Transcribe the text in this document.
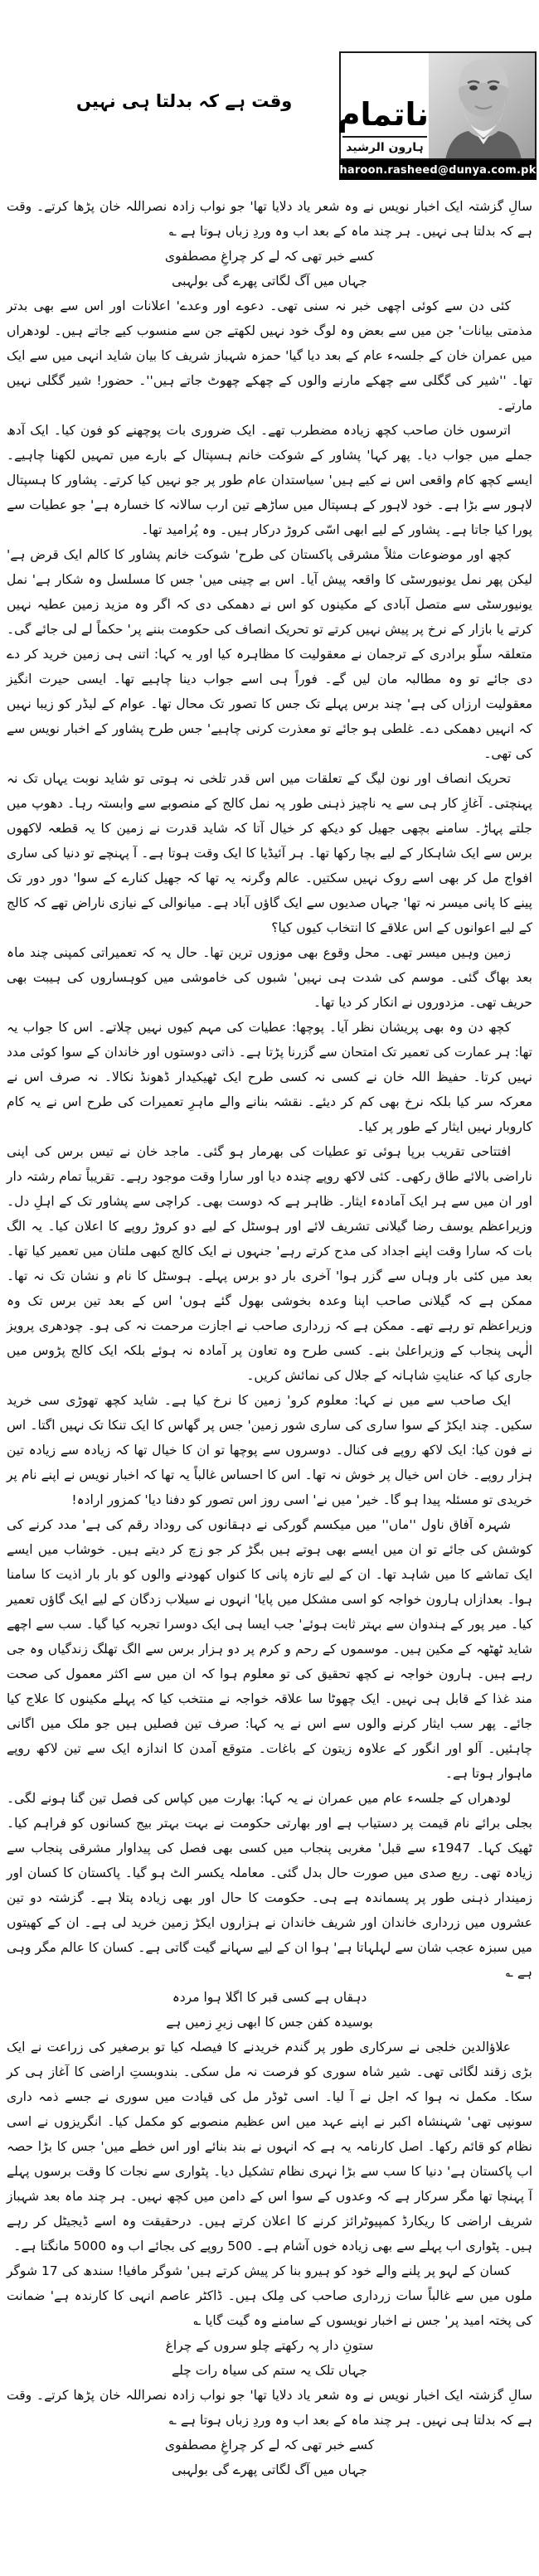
وقت ہے کہ بدلتا ہی نہیں ناتمام
ہارون الرشید
haroon.rasheed@dunya.com.pk

سالِ گزشتہ ایک اخبار نویس نے وہ شعر یاد دلایا تھا' جو نواب زادہ نصراللہ خان پڑھا کرتے۔ وقت ہے کہ بدلتا ہی نہیں۔ ہر چند ماہ کے بعد اب وہ وردِ زباں ہوتا ہے ؎

کسے خبر تھی کہ لے کر چراغِ مصطفوی
جہاں میں آگ لگاتی پھرے گی بولہبی

کئی دن سے کوئی اچھی خبر نہ سنی تھی۔ دعوے اور وعدے' اعلانات اور اس سے بھی بدتر مذمتی بیانات' جن میں سے بعض وہ لوگ خود نہیں لکھتے جن سے منسوب کیے جاتے ہیں۔ لودھراں میں عمران خان کے جلسہء عام کے بعد دیا گیا' حمزہ شہباز شریف کا بیان شاید انہی میں سے ایک تھا۔ ''شیر کی گگلی سے چھکے مارنے والوں کے چھکے چھوٹ جاتے ہیں''۔ حضور! شیر گگلی نہیں مارتے۔

اترسوں خان صاحب کچھ زیادہ مضطرب تھے۔ ایک ضروری بات پوچھنے کو فون کیا۔ ایک آدھ جملے میں جواب دیا۔ پھر کہا' پشاور کے شوکت خانم ہسپتال کے بارے میں تمہیں لکھنا چاہیے۔ ایسے کچھ کام واقعی اس نے کیے ہیں' سیاستدان عام طور پر جو نہیں کیا کرتے۔ پشاور کا ہسپتال لاہور سے بڑا ہے۔ خود لاہور کے ہسپتال میں ساڑھے تین ارب سالانہ کا خسارہ ہے' جو عطیات سے پورا کیا جاتا ہے۔ پشاور کے لیے ابھی اسّی کروڑ درکار ہیں۔ وہ پُرامید تھا۔

کچھ اور موضوعات مثلاً مشرقی پاکستان کی طرح' شوکت خانم پشاور کا کالم ایک قرض ہے' لیکن پھر نمل یونیورسٹی کا واقعہ پیش آیا۔ اس بے چینی میں' جس کا مسلسل وہ شکار ہے' نمل یونیورسٹی سے متصل آبادی کے مکینوں کو اس نے دھمکی دی کہ اگر وہ مزید زمین عطیہ نہیں کرتے یا بازار کے نرخ پر پیش نہیں کرتے تو تحریک انصاف کی حکومت بننے پر' حکماً لے لی جائے گی۔ متعلقہ سلّو برادری کے ترجمان نے معقولیت کا مظاہرہ کیا اور یہ کہا: اتنی ہی زمین خرید کر دے دی جائے تو وہ مطالبہ مان لیں گے۔ فوراً ہی اسے جواب دینا چاہیے تھا۔ ایسی حیرت انگیز معقولیت ارزاں کی ہے' چند برس پہلے تک جس کا تصور تک محال تھا۔ عوام کے لیڈر کو زیبا نہیں کہ انہیں دھمکی دے۔ غلطی ہو جائے تو معذرت کرنی چاہیے' جس طرح پشاور کے اخبار نویس سے کی تھی۔

تحریک انصاف اور نون لیگ کے تعلقات میں اس قدر تلخی نہ ہوتی تو شاید نوبت یہاں تک نہ پہنچتی۔ آغازِ کار ہی سے یہ ناچیز ذہنی طور پہ نمل کالج کے منصوبے سے وابستہ رہا۔ دھوپ میں جلتے پہاڑ۔ سامنے بچھی جھیل کو دیکھ کر خیال آتا کہ شاید قدرت نے زمین کا یہ قطعہ لاکھوں برس سے ایک شاہکار کے لیے بچا رکھا تھا۔ ہر آئیڈیا کا ایک وقت ہوتا ہے۔ آ پہنچے تو دنیا کی ساری افواج مل کر بھی اسے روک نہیں سکتیں۔ عالم وگرنہ یہ تھا کہ جھیل کنارے کے سوا' دور دور تک پینے کا پانی میسر نہ تھا' جہاں صدیوں سے ایک گاؤں آباد ہے۔ میانوالی کے نیازی ناراض تھے کہ کالج کے لیے اعوانوں کے اس علاقے کا انتخاب کیوں کیا؟

زمین وہیں میسر تھی۔ محل وقوع بھی موزوں ترین تھا۔ حال یہ کہ تعمیراتی کمپنی چند ماہ بعد بھاگ گئی۔ موسم کی شدت ہی نہیں' شبوں کی خاموشی میں کوہساروں کی ہیبت بھی حریف تھی۔ مزدوروں نے انکار کر دیا تھا۔

کچھ دن وہ بھی پریشان نظر آیا۔ پوچھا: عطیات کی مہم کیوں نہیں چلاتے۔ اس کا جواب یہ تھا: ہر عمارت کی تعمیر تک امتحان سے گزرنا پڑتا ہے۔ ذاتی دوستوں اور خاندان کے سوا کوئی مدد نہیں کرتا۔ حفیظ اللہ خان نے کسی نہ کسی طرح ایک ٹھیکیدار ڈھونڈ نکالا۔ نہ صرف اس نے معرکہ سر کیا بلکہ نرخ بھی کم کر دیئے۔ نقشہ بنانے والے ماہرِ تعمیرات کی طرح اس نے یہ کام کاروبار نہیں ایثار کے طور پر کیا۔

افتتاحی تقریب برپا ہوئی تو عطیات کی بھرمار ہو گئی۔ ماجد خان نے تیس برس کی اپنی ناراضی بالائے طاق رکھی۔ کئی لاکھ روپے چندہ دیا اور سارا وقت موجود رہے۔ تقریباً تمام رشتہ دار اور ان میں سے ہر ایک آمادہء ایثار۔ ظاہر ہے کہ دوست بھی۔ کراچی سے پشاور تک کے اہلِ دل۔ وزیراعظم یوسف رضا گیلانی تشریف لائے اور ہوسٹل کے لیے دو کروڑ روپے کا اعلان کیا۔ یہ الگ بات کہ سارا وقت اپنے اجداد کی مدح کرتے رہے' جنہوں نے ایک کالج کبھی ملتان میں تعمیر کیا تھا۔ بعد میں کئی بار وہاں سے گزر ہوا' آخری بار دو برس پہلے۔ ہوسٹل کا نام و نشان تک نہ تھا۔ ممکن ہے کہ گیلانی صاحب اپنا وعدہ بخوشی بھول گئے ہوں' اس کے بعد تین برس تک وہ وزیراعظم تو رہے تھے۔ ممکن ہے کہ زرداری صاحب نے اجازت مرحمت نہ کی ہو۔ چودھری پرویز الٰہی پنجاب کے وزیراعلیٰ بنے۔ کسی طرح وہ تعاون پر آمادہ نہ ہوئے بلکہ ایک کالج پڑوس میں جاری کیا کہ عنایتِ شاہانہ کے جلال کی نمائش کریں۔

ایک صاحب سے میں نے کہا: معلوم کرو' زمین کا نرخ کیا ہے۔ شاید کچھ تھوڑی سی خرید سکیں۔ چند ایکڑ کے سوا ساری کی ساری شور زمین' جس پر گھاس کا ایک تنکا تک نہیں اگتا۔ اس نے فون کیا: ایک لاکھ روپے فی کنال۔ دوسروں سے پوچھا تو ان کا خیال تھا کہ زیادہ سے زیادہ تین ہزار روپے۔ خان اس خیال پر خوش نہ تھا۔ اس کا احساس غالباً یہ تھا کہ اخبار نویس نے اپنے نام پر خریدی تو مسئلہ پیدا ہو گا۔ خیر' میں نے' اسی روز اس تصور کو دفنا دیا' کمزور ارادہ!

شہرہ آفاق ناول ''ماں'' میں میکسم گورکی نے دہقانوں کی روداد رقم کی ہے' مدد کرنے کی کوشش کی جائے تو ان میں ایسے بھی ہوتے ہیں بگڑ کر جو زچ کر دیتے ہیں۔ خوشاب میں ایسے ایک تماشے کا میں شاہد تھا۔ ان کے لیے تازہ پانی کا کنواں کھودنے والوں کو بار بار اذیت کا سامنا ہوا۔ بعدازاں ہارون خواجہ کو اسی مشکل میں پایا' انہوں نے سیلاب زدگان کے لیے ایک گاؤں تعمیر کیا۔ میر پور کے ہندوان سے بہتر ثابت ہوئے' جب ایسا ہی ایک دوسرا تجربہ کیا گیا۔ سب سے اچھے شاید ٹھٹھہ کے مکین ہیں۔ موسموں کے رحم و کرم پر دو ہزار برس سے الگ تھلگ زندگیاں وہ جی رہے ہیں۔ ہارون خواجہ نے کچھ تحقیق کی تو معلوم ہوا کہ ان میں سے اکثر معمول کی صحت مند غذا کے قابل ہی نہیں۔ ایک چھوٹا سا علاقہ خواجہ نے منتخب کیا کہ پہلے مکینوں کا علاج کیا جائے۔ پھر سب ایثار کرنے والوں سے اس نے یہ کہا: صرف تین فصلیں ہیں جو ملک میں اگانی چاہئیں۔ آلو اور انگور کے علاوہ زیتون کے باغات۔ متوقع آمدن کا اندازہ ایک سے تین لاکھ روپے ماہوار ہوتا ہے۔

لودھراں کے جلسہء عام میں عمران نے یہ کہا: بھارت میں کپاس کی فصل تین گنا ہونے لگی۔ بجلی برائے نام قیمت پر دستیاب ہے اور بھارتی حکومت نے بہت بہتر بیج کسانوں کو فراہم کیا۔ ٹھیک کہا۔ 1947ء سے قبل' مغربی پنجاب میں کسی بھی فصل کی پیداوار مشرقی پنجاب سے زیادہ تھی۔ ربع صدی میں صورت حال بدل گئی۔ معاملہ یکسر الٹ ہو گیا۔ پاکستان کا کسان اور زمیندار ذہنی طور پر پسماندہ ہے ہی۔ حکومت کا حال اور بھی زیادہ پتلا ہے۔ گزشتہ دو تین عشروں میں زرداری خاندان اور شریف خاندان نے ہزاروں ایکڑ زمین خرید لی ہے۔ ان کے کھیتوں میں سبزہ عجب شان سے لہلہاتا ہے' ہوا ان کے لیے سہانے گیت گاتی ہے۔ کسان کا عالم مگر وہی ہے ؎

دہقاں ہے کسی قبر کا اگلا ہوا مردہ
بوسیدہ کفن جس کا ابھی زیرِ زمیں ہے

علاؤالدین خلجی نے سرکاری طور پر گندم خریدنے کا فیصلہ کیا تو برصغیر کی زراعت نے ایک بڑی زقند لگائی تھی۔ شیر شاہ سوری کو فرصت نہ مل سکی۔ بندوبستِ اراضی کا آغاز ہی کر سکا۔ مکمل نہ ہوا کہ اجل نے آ لیا۔ اسی ٹوڈر مل کی قیادت میں سوری نے جسے ذمہ داری سونپی تھی' شہنشاہ اکبر نے اپنے عہد میں اس عظیم منصوبے کو مکمل کیا۔ انگریزوں نے اسی نظام کو قائم رکھا۔ اصل کارنامہ یہ ہے کہ انہوں نے بند بنائے اور اس خطے میں' جس کا بڑا حصہ اب پاکستان ہے' دنیا کا سب سے بڑا نہری نظام تشکیل دیا۔ پٹواری سے نجات کا وقت برسوں پہلے آ پہنچا تھا مگر سرکار ہے کہ وعدوں کے سوا اس کے دامن میں کچھ نہیں۔ ہر چند ماہ بعد شہباز شریف اراضی کا ریکارڈ کمپیوٹرائز کرنے کا اعلان کرتے ہیں۔ درحقیقت وہ اسے ڈیجیٹل کر رہے ہیں۔ پٹواری اب پہلے سے بھی زیادہ خوں آشام ہے۔ 500 روپے کی بجائے اب وہ 5000 مانگتا ہے۔

کسان کے لہو پر پلنے والے خود کو ہیرو بنا کر پیش کرتے ہیں' شوگر مافیا! سندھ کی 17 شوگر ملوں میں سے غالباً سات زرداری صاحب کی مِلک ہیں۔ ڈاکٹر عاصم انہی کا کارندہ ہے' ضمانت کی پختہ امید پر' جس نے اخبار نویسوں کے سامنے وہ گیت گایا ؎

ستونِ دار پہ رکھتے چلو سروں کے چراغ
جہاں تلک یہ ستم کی سیاہ رات چلے

سالِ گزشتہ ایک اخبار نویس نے وہ شعر یاد دلایا تھا' جو نواب زادہ نصراللہ خان پڑھا کرتے۔ وقت ہے کہ بدلتا ہی نہیں۔ ہر چند ماہ کے بعد اب وہ وردِ زباں ہوتا ہے ؎

کسے خبر تھی کہ لے کر چراغِ مصطفوی
جہاں میں آگ لگاتی پھرے گی بولہبی
